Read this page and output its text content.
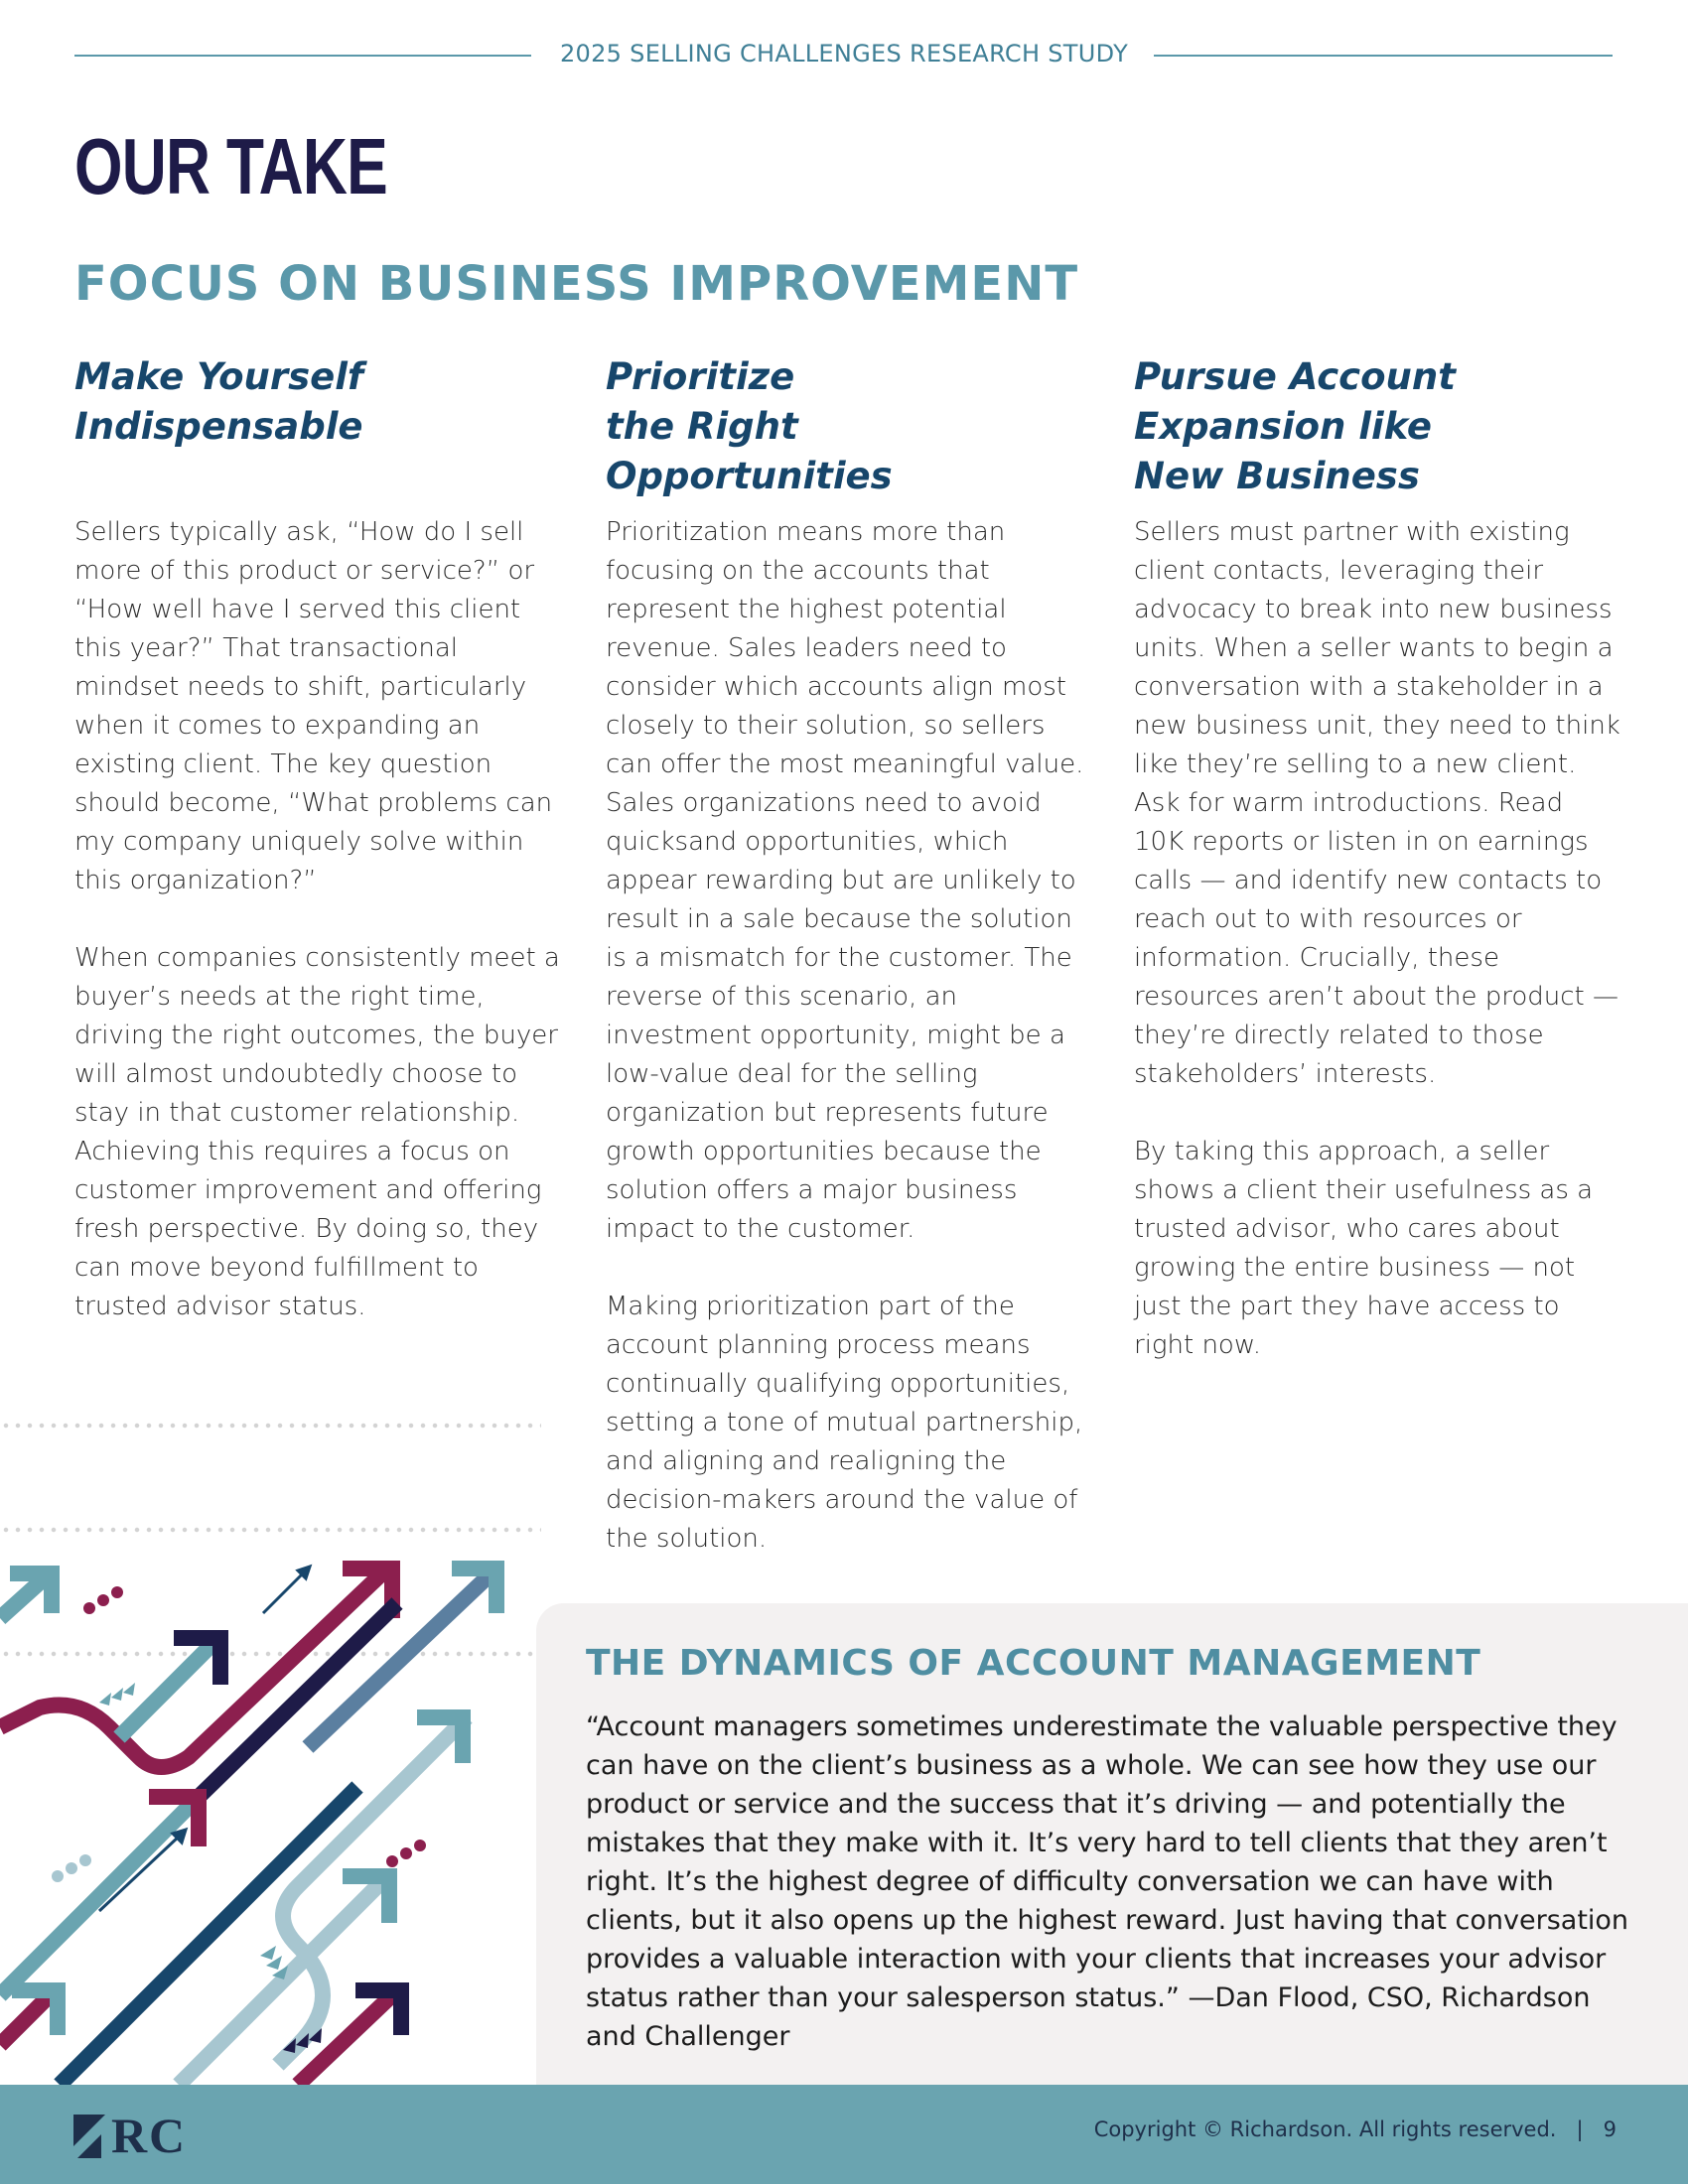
2025 SELLING CHALLENGES RESEARCH STUDY
OUR TAKE
FOCUS ON BUSINESS IMPROVEMENT
Make Yourself
Indispensable

Sellers typically ask, “How do I sell more of this product or service?” or “How well have I served this client this year?” That transactional mindset needs to shift, particularly when it comes to expanding an existing client. The key question should become, “What problems can my company uniquely solve within this organization?”

When companies consistently meet a buyer’s needs at the right time, driving the right outcomes, the buyer will almost undoubtedly choose to stay in that customer relationship. Achieving this requires a focus on customer improvement and offering fresh perspective. By doing so, they can move beyond fulfillment to trusted advisor status.

Prioritize
the Right
Opportunities

Prioritization means more than focusing on the accounts that represent the highest potential revenue. Sales leaders need to consider which accounts align most closely to their solution, so sellers can offer the most meaningful value. Sales organizations need to avoid quicksand opportunities, which appear rewarding but are unlikely to result in a sale because the solution is a mismatch for the customer. The reverse of this scenario, an investment opportunity, might be a low-value deal for the selling organization but represents future growth opportunities because the solution offers a major business impact to the customer.

Making prioritization part of the account planning process means continually qualifying opportunities, setting a tone of mutual partnership, and aligning and realigning the decision-makers around the value of the solution.

Pursue Account
Expansion like
New Business

Sellers must partner with existing client contacts, leveraging their advocacy to break into new business units. When a seller wants to begin a conversation with a stakeholder in a new business unit, they need to think like they’re selling to a new client. Ask for warm introductions. Read 10K reports or listen in on earnings calls — and identify new contacts to reach out to with resources or information. Crucially, these resources aren’t about the product — they’re directly related to those stakeholders’ interests.

By taking this approach, a seller shows a client their usefulness as a trusted advisor, who cares about growing the entire business — not just the part they have access to right now.

THE DYNAMICS OF ACCOUNT MANAGEMENT
“Account managers sometimes underestimate the valuable perspective they can have on the client’s business as a whole. We can see how they use our product or service and the success that it’s driving — and potentially the mistakes that they make with it. It’s very hard to tell clients that they aren’t right. It’s the highest degree of difficulty conversation we can have with clients, but it also opens up the highest reward. Just having that conversation provides a valuable interaction with your clients that increases your advisor status rather than your salesperson status.” —Dan Flood, CSO, Richardson and Challenger
R C	Copyright © Richardson. All rights reserved. | 9
